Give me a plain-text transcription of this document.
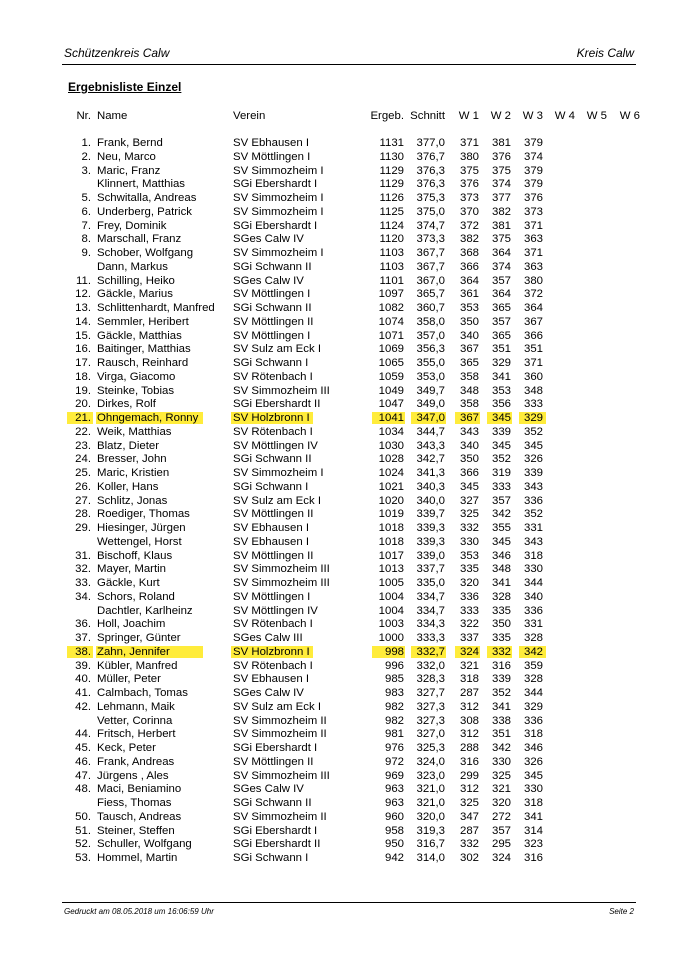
Schützenkreis Calw	Kreis Calw
Ergebnisliste Einzel
Nr. Name	Verein	Ergeb. Schnitt W 1 W 2 W 3 W 4 W 5 W 6
1. Frank, Bernd	SV Ebhausen I	1131 377,0 371 381 379
2. Neu, Marco	SV Möttlingen I	1130 376,7 380 376 374
3. Maric, Franz	SV Simmozheim I	1129 376,3 375 375 379
Klinnert, Matthias	SGi Ebershardt I	1129 376,3 376 374 379
5. Schwitalla, Andreas	SV Simmozheim I	1126 375,3 373 377 376
6. Underberg, Patrick	SV Simmozheim I	1125 375,0 370 382 373
7. Frey, Dominik	SGi Ebershardt I	1124 374,7 372 381 371
8. Marschall, Franz	SGes Calw IV	1120 373,3 382 375 363
9. Schober, Wolfgang	SV Simmozheim I	1103 367,7 368 364 371
Dann, Markus	SGi Schwann II	1103 367,7 366 374 363
11. Schilling, Heiko	SGes Calw IV	1101 367,0 364 357 380
12. Gäckle, Marius	SV Möttlingen I	1097 365,7 361 364 372
13. Schlittenhardt, Manfred SGi Schwann II	1082 360,7 353 365 364
14. Semmler, Heribert	SV Möttlingen II	1074 358,0 350 357 367
15. Gäckle, Matthias	SV Möttlingen I	1071 357,0 340 365 366
16. Baitinger, Matthias	SV Sulz am Eck I	1069 356,3 367 351 351
17. Rausch, Reinhard	SGi Schwann I	1065 355,0 365 329 371
18. Virga, Giacomo	SV Rötenbach I	1059 353,0 358 341 360
19. Steinke, Tobias	SV Simmozheim III	1049 349,7 348 353 348
20. Dirkes, Rolf	SGi Ebershardt II	1047 349,0 358 356 333
21. Ohngemach, Ronny	SV Holzbronn I	1041 347,0 367 345 329
22. Weik, Matthias	SV Rötenbach I	1034 344,7 343 339 352
23. Blatz, Dieter	SV Möttlingen IV	1030 343,3 340 345 345
24. Bresser, John	SGi Schwann II	1028 342,7 350 352 326
25. Maric, Kristien	SV Simmozheim I	1024 341,3 366 319 339
26. Koller, Hans	SGi Schwann I	1021 340,3 345 333 343
27. Schlitz, Jonas	SV Sulz am Eck I	1020 340,0 327 357 336
28. Roediger, Thomas	SV Möttlingen II	1019 339,7 325 342 352
29. Hiesinger, Jürgen	SV Ebhausen I	1018 339,3 332 355 331
Wettengel, Horst	SV Ebhausen I	1018 339,3 330 345 343
31. Bischoff, Klaus	SV Möttlingen II	1017 339,0 353 346 318
32. Mayer, Martin	SV Simmozheim III	1013 337,7 335 348 330
33. Gäckle, Kurt	SV Simmozheim III	1005 335,0 320 341 344
34. Schors, Roland	SV Möttlingen I	1004 334,7 336 328 340
Dachtler, Karlheinz	SV Möttlingen IV	1004 334,7 333 335 336
36. Holl, Joachim	SV Rötenbach I	1003 334,3 322 350 331
37. Springer, Günter	SGes Calw III	1000 333,3 337 335 328
38. Zahn, Jennifer	SV Holzbronn I	998 332,7 324 332 342
39. Kübler, Manfred	SV Rötenbach I	996 332,0 321 316 359
40. Müller, Peter	SV Ebhausen I	985 328,3 318 339 328
41. Calmbach, Tomas	SGes Calw IV	983 327,7 287 352 344
42. Lehmann, Maik	SV Sulz am Eck I	982 327,3 312 341 329
Vetter, Corinna	SV Simmozheim II	982 327,3 308 338 336
44. Fritsch, Herbert	SV Simmozheim II	981 327,0 312 351 318
45. Keck, Peter	SGi Ebershardt I	976 325,3 288 342 346
46. Frank, Andreas	SV Möttlingen II	972 324,0 316 330 326
47. Jürgens , Ales	SV Simmozheim III	969 323,0 299 325 345
48. Maci, Beniamino	SGes Calw IV	963 321,0 312 321 330
Fiess, Thomas	SGi Schwann II	963 321,0 325 320 318
50. Tausch, Andreas	SV Simmozheim II	960 320,0 347 272 341
51. Steiner, Steffen	SGi Ebershardt I	958 319,3 287 357 314
52. Schuller, Wolfgang	SGi Ebershardt II	950 316,7 332 295 323
53. Hommel, Martin	SGi Schwann I	942 314,0 302 324 316
Gedruckt am 08.05.2018 um 16:06:59 Uhr	Seite 2
